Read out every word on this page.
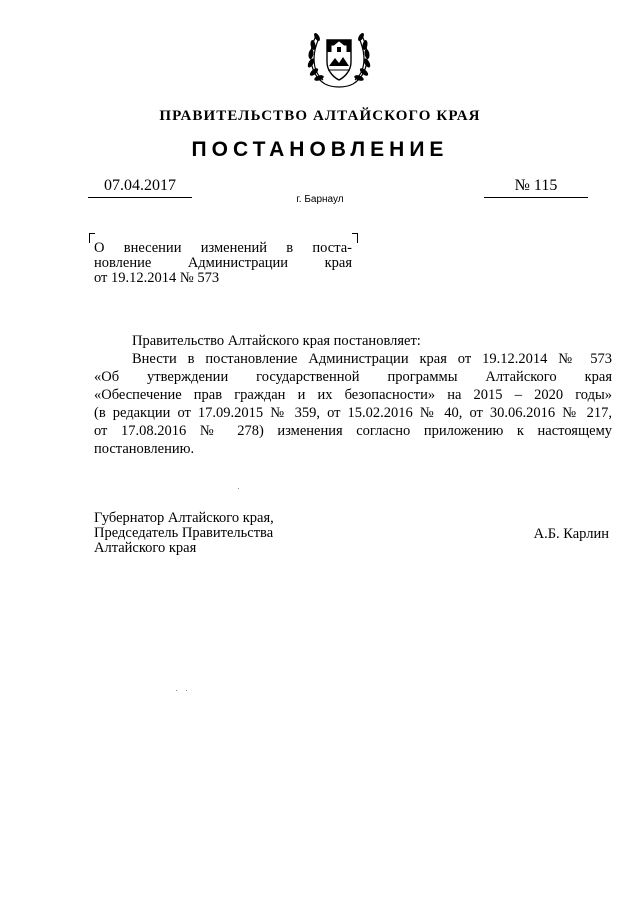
ПРАВИТЕЛЬСТВО АЛТАЙСКОГО КРАЯ
ПОСТАНОВЛЕНИЕ
07.04.2017	№ 115
г. Барнаул
О внесении изменений в поста-
новление Администрации края
от 19.12.2014 № 573

Правительство Алтайского края постановляет:

Внести в постановление Администрации края от 19.12.2014 № 573

«Об утверждении государственной программы Алтайского края

«Обеспечение прав граждан и их безопасности» на 2015 – 2020 годы»

(в редакции от 17.09.2015 № 359, от 15.02.2016 № 40, от 30.06.2016 № 217,

от 17.08.2016 № 278) изменения согласно приложению к настоящему

постановлению.

Губернатор Алтайского края,
Председатель Правительства
Алтайского края
А.Б. Карлин
